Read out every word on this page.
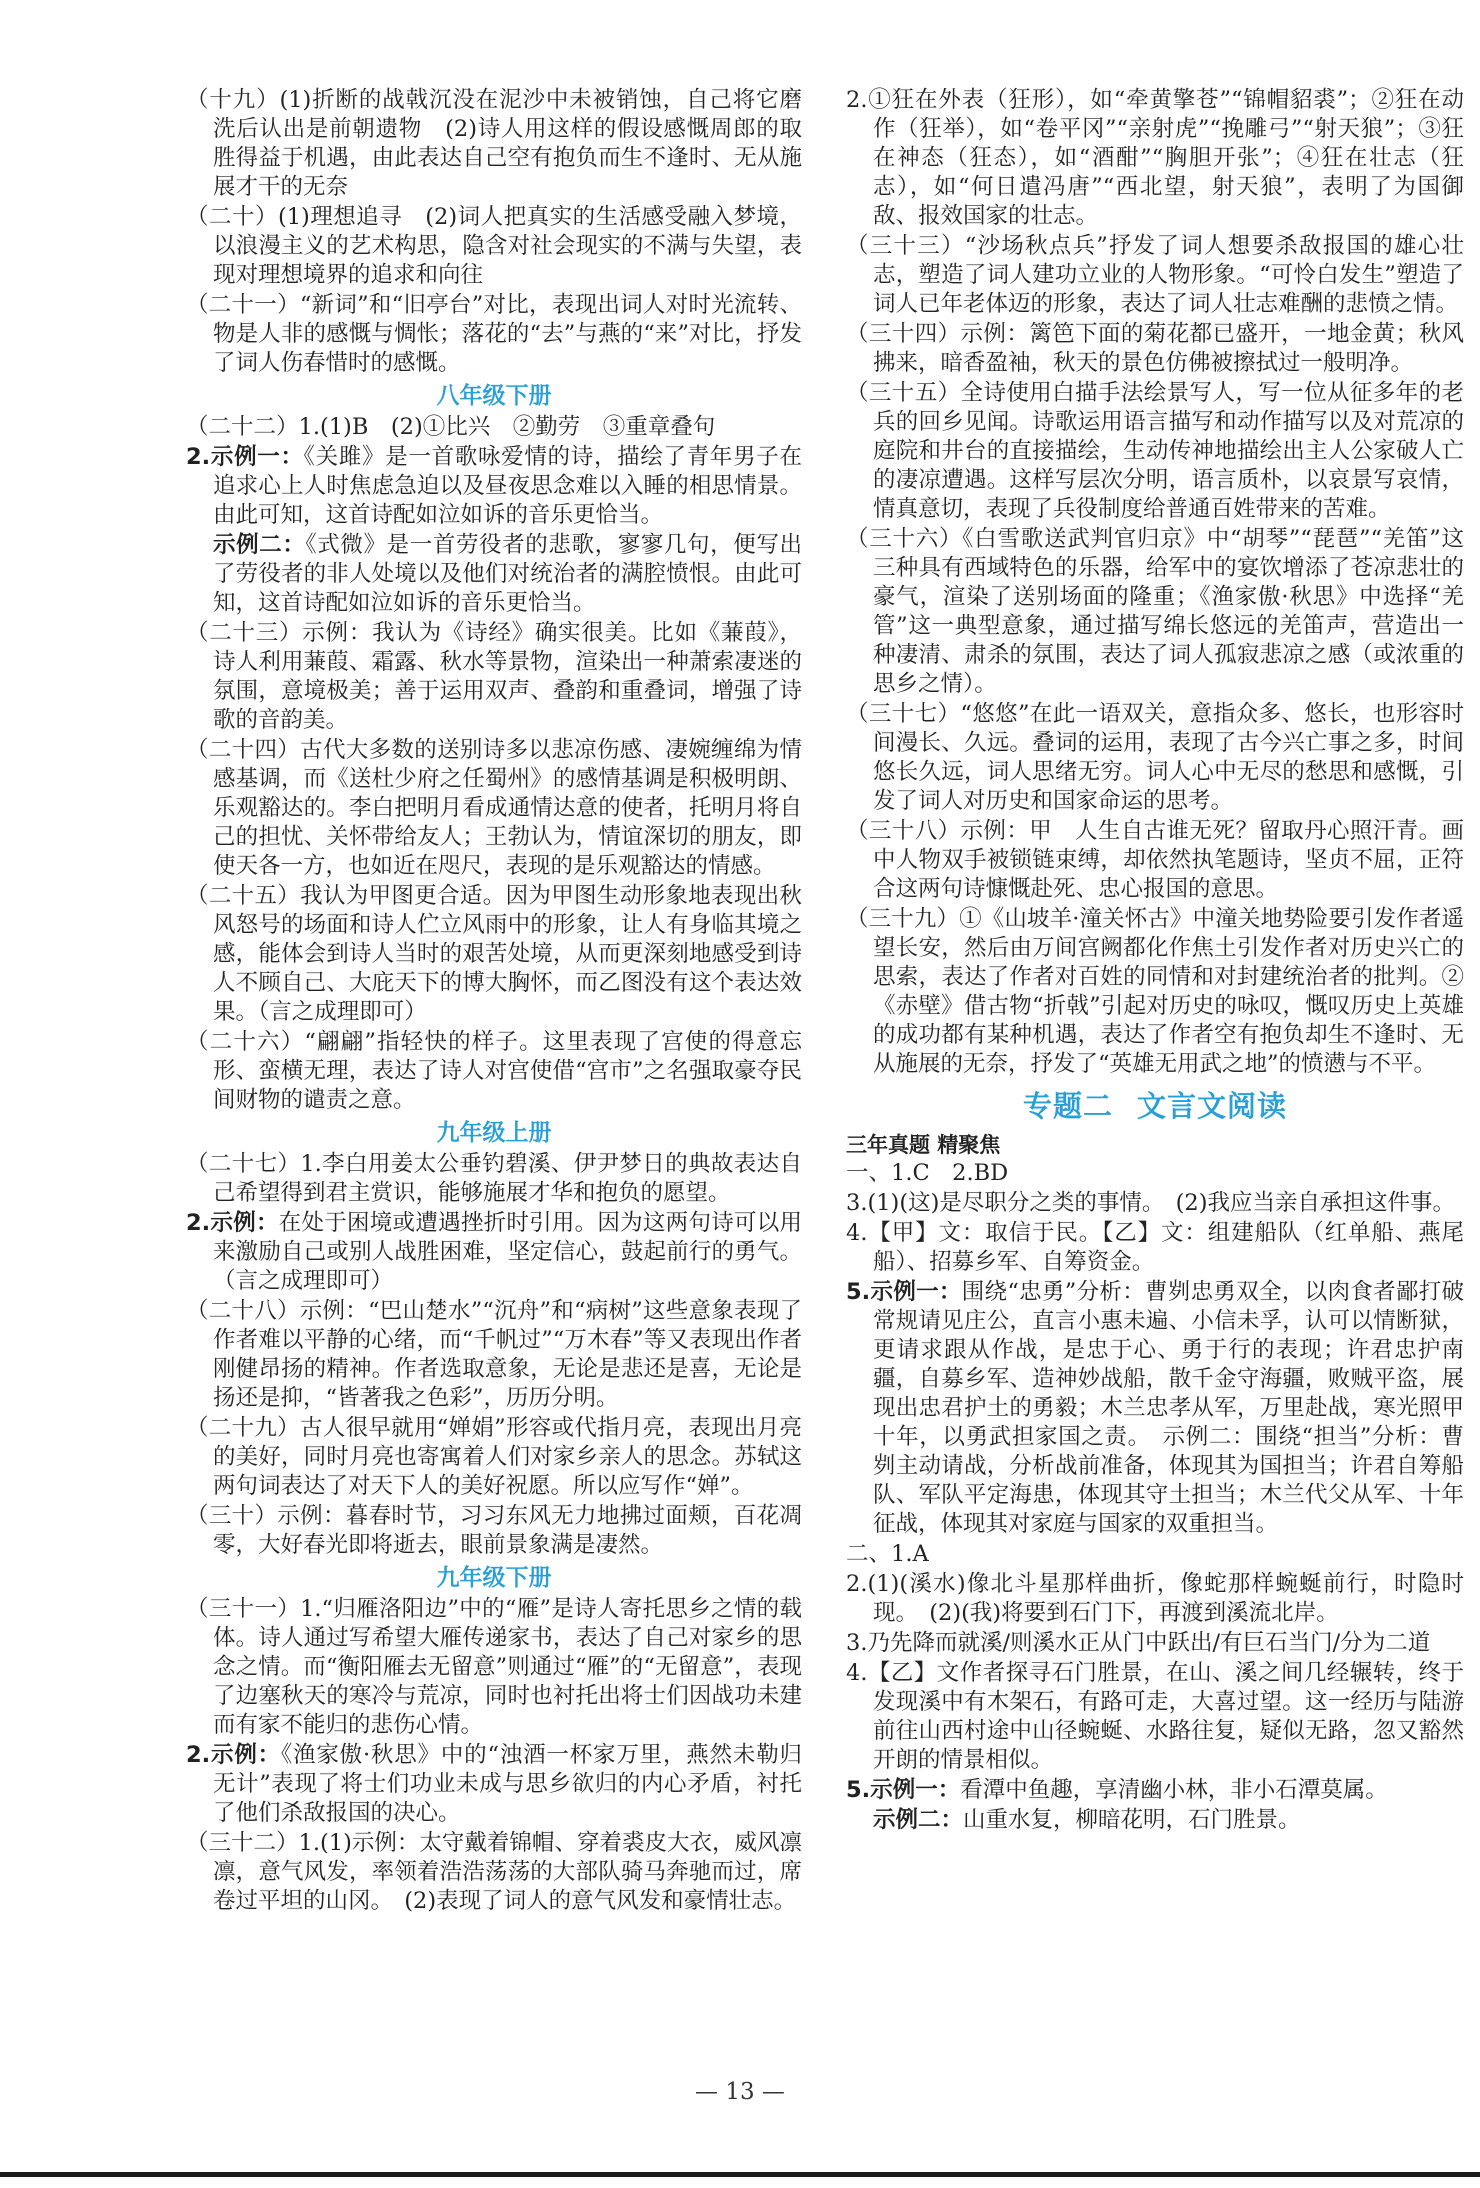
（十九）(1)折断的战戟沉没在泥沙中未被销蚀，自己将它磨洗后认出是前朝遗物　(2)诗人用这样的假设感慨周郎的取胜得益于机遇，由此表达自己空有抱负而生不逢时、无从施展才干的无奈

（二十）(1)理想追寻　(2)词人把真实的生活感受融入梦境，以浪漫主义的艺术构思，隐含对社会现实的不满与失望，表现对理想境界的追求和向往

（二十一）“新词”和“旧亭台”对比，表现出词人对时光流转、物是人非的感慨与惆怅；落花的“去”与燕的“来”对比，抒发了词人伤春惜时的感慨。

八年级下册

（二十二）1.(1)B　(2)①比兴　②勤劳　③重章叠句

2.示例一：《关雎》是一首歌咏爱情的诗，描绘了青年男子在追求心上人时焦虑急迫以及昼夜思念难以入睡的相思情景。由此可知，这首诗配如泣如诉的音乐更恰当。

示例二：《式微》是一首劳役者的悲歌，寥寥几句，便写出了劳役者的非人处境以及他们对统治者的满腔愤恨。由此可知，这首诗配如泣如诉的音乐更恰当。

（二十三）示例：我认为《诗经》确实很美。比如《蒹葭》，诗人利用蒹葭、霜露、秋水等景物，渲染出一种萧索凄迷的氛围，意境极美；善于运用双声、叠韵和重叠词，增强了诗歌的音韵美。

（二十四）古代大多数的送别诗多以悲凉伤感、凄婉缠绵为情感基调，而《送杜少府之任蜀州》的感情基调是积极明朗、乐观豁达的。李白把明月看成通情达意的使者，托明月将自己的担忧、关怀带给友人；王勃认为，情谊深切的朋友，即使天各一方，也如近在咫尺，表现的是乐观豁达的情感。

（二十五）我认为甲图更合适。因为甲图生动形象地表现出秋风怒号的场面和诗人伫立风雨中的形象，让人有身临其境之感，能体会到诗人当时的艰苦处境，从而更深刻地感受到诗人不顾自己、大庇天下的博大胸怀，而乙图没有这个表达效果。（言之成理即可）

（二十六）“翩翩”指轻快的样子。这里表现了宫使的得意忘形、蛮横无理，表达了诗人对宫使借“宫市”之名强取豪夺民间财物的谴责之意。

九年级上册

（二十七）1.李白用姜太公垂钓碧溪、伊尹梦日的典故表达自己希望得到君主赏识，能够施展才华和抱负的愿望。

2.示例：在处于困境或遭遇挫折时引用。因为这两句诗可以用来激励自己或别人战胜困难，坚定信心，鼓起前行的勇气。（言之成理即可）

（二十八）示例：“巴山楚水”“沉舟”和“病树”这些意象表现了作者难以平静的心绪，而“千帆过”“万木春”等又表现出作者刚健昂扬的精神。作者选取意象，无论是悲还是喜，无论是扬还是抑，“皆著我之色彩”，历历分明。

（二十九）古人很早就用“婵娟”形容或代指月亮，表现出月亮的美好，同时月亮也寄寓着人们对家乡亲人的思念。苏轼这两句词表达了对天下人的美好祝愿。所以应写作“婵”。

（三十）示例：暮春时节，习习东风无力地拂过面颊，百花凋零，大好春光即将逝去，眼前景象满是凄然。

九年级下册

（三十一）1.“归雁洛阳边”中的“雁”是诗人寄托思乡之情的载体。诗人通过写希望大雁传递家书，表达了自己对家乡的思念之情。而“衡阳雁去无留意”则通过“雁”的“无留意”，表现了边塞秋天的寒冷与荒凉，同时也衬托出将士们因战功未建而有家不能归的悲伤心情。

2.示例：《渔家傲·秋思》中的“浊酒一杯家万里，燕然未勒归无计”表现了将士们功业未成与思乡欲归的内心矛盾，衬托了他们杀敌报国的决心。

（三十二）1.(1)示例：太守戴着锦帽、穿着裘皮大衣，威风凛凛，意气风发，率领着浩浩荡荡的大部队骑马奔驰而过，席卷过平坦的山冈。　(2)表现了词人的意气风发和豪情壮志。

2.①狂在外表（狂形），如“牵黄擎苍”“锦帽貂裘”；②狂在动作（狂举），如“卷平冈”“亲射虎”“挽雕弓”“射天狼”；③狂在神态（狂态），如“酒酣”“胸胆开张”；④狂在壮志（狂志），如“何日遣冯唐”“西北望，射天狼”，表明了为国御敌、报效国家的壮志。

（三十三）“沙场秋点兵”抒发了词人想要杀敌报国的雄心壮志，塑造了词人建功立业的人物形象。“可怜白发生”塑造了词人已年老体迈的形象，表达了词人壮志难酬的悲愤之情。

（三十四）示例：篱笆下面的菊花都已盛开，一地金黄；秋风拂来，暗香盈袖，秋天的景色仿佛被擦拭过一般明净。

（三十五）全诗使用白描手法绘景写人，写一位从征多年的老兵的回乡见闻。诗歌运用语言描写和动作描写以及对荒凉的庭院和井台的直接描绘，生动传神地描绘出主人公家破人亡的凄凉遭遇。这样写层次分明，语言质朴，以哀景写哀情，情真意切，表现了兵役制度给普通百姓带来的苦难。

（三十六）《白雪歌送武判官归京》中“胡琴”“琵琶”“羌笛”这三种具有西域特色的乐器，给军中的宴饮增添了苍凉悲壮的豪气，渲染了送别场面的隆重；《渔家傲·秋思》中选择“羌管”这一典型意象，通过描写绵长悠远的羌笛声，营造出一种凄清、肃杀的氛围，表达了词人孤寂悲凉之感（或浓重的思乡之情）。

（三十七）“悠悠”在此一语双关，意指众多、悠长，也形容时间漫长、久远。叠词的运用，表现了古今兴亡事之多，时间悠长久远，词人思绪无穷。词人心中无尽的愁思和感慨，引发了词人对历史和国家命运的思考。

（三十八）示例：甲　人生自古谁无死？留取丹心照汗青。画中人物双手被锁链束缚，却依然执笔题诗，坚贞不屈，正符合这两句诗慷慨赴死、忠心报国的意思。

（三十九）①《山坡羊·潼关怀古》中潼关地势险要引发作者遥望长安，然后由万间宫阙都化作焦土引发作者对历史兴亡的思索，表达了作者对百姓的同情和对封建统治者的批判。②《赤壁》借古物“折戟”引起对历史的咏叹，慨叹历史上英雄的成功都有某种机遇，表达了作者空有抱负却生不逢时、无从施展的无奈，抒发了“英雄无用武之地”的愤懑与不平。

专题二 文言文阅读
三年真题 精聚焦

一、1.C　2.BD

3.(1)(这)是尽职分之类的事情。　(2)我应当亲自承担这件事。

4.【甲】文：取信于民。【乙】文：组建船队（红单船、燕尾船）、招募乡军、自筹资金。

5.示例一：围绕“忠勇”分析：曹刿忠勇双全，以肉食者鄙打破常规请见庄公，直言小惠未遍、小信未孚，认可以情断狱，更请求跟从作战，是忠于心、勇于行的表现；许君忠护南疆，自募乡军、造神妙战船，散千金守海疆，败贼平盗，展现出忠君护土的勇毅；木兰忠孝从军，万里赴战，寒光照甲十年，以勇武担家国之责。　示例二：围绕“担当”分析：曹刿主动请战，分析战前准备，体现其为国担当；许君自筹船队、军队平定海患，体现其守土担当；木兰代父从军、十年征战，体现其对家庭与国家的双重担当。

二、1.A

2.(1)(溪水)像北斗星那样曲折，像蛇那样蜿蜒前行，时隐时现。　(2)(我)将要到石门下，再渡到溪流北岸。

3.乃先降而就溪/则溪水正从门中跃出/有巨石当门/分为二道

4.【乙】文作者探寻石门胜景，在山、溪之间几经辗转，终于发现溪中有木架石，有路可走，大喜过望。这一经历与陆游前往山西村途中山径蜿蜒、水路往复，疑似无路，忽又豁然开朗的情景相似。

5.示例一：看潭中鱼趣，享清幽小林，非小石潭莫属。

示例二：山重水复，柳暗花明，石门胜景。

— 13 —
